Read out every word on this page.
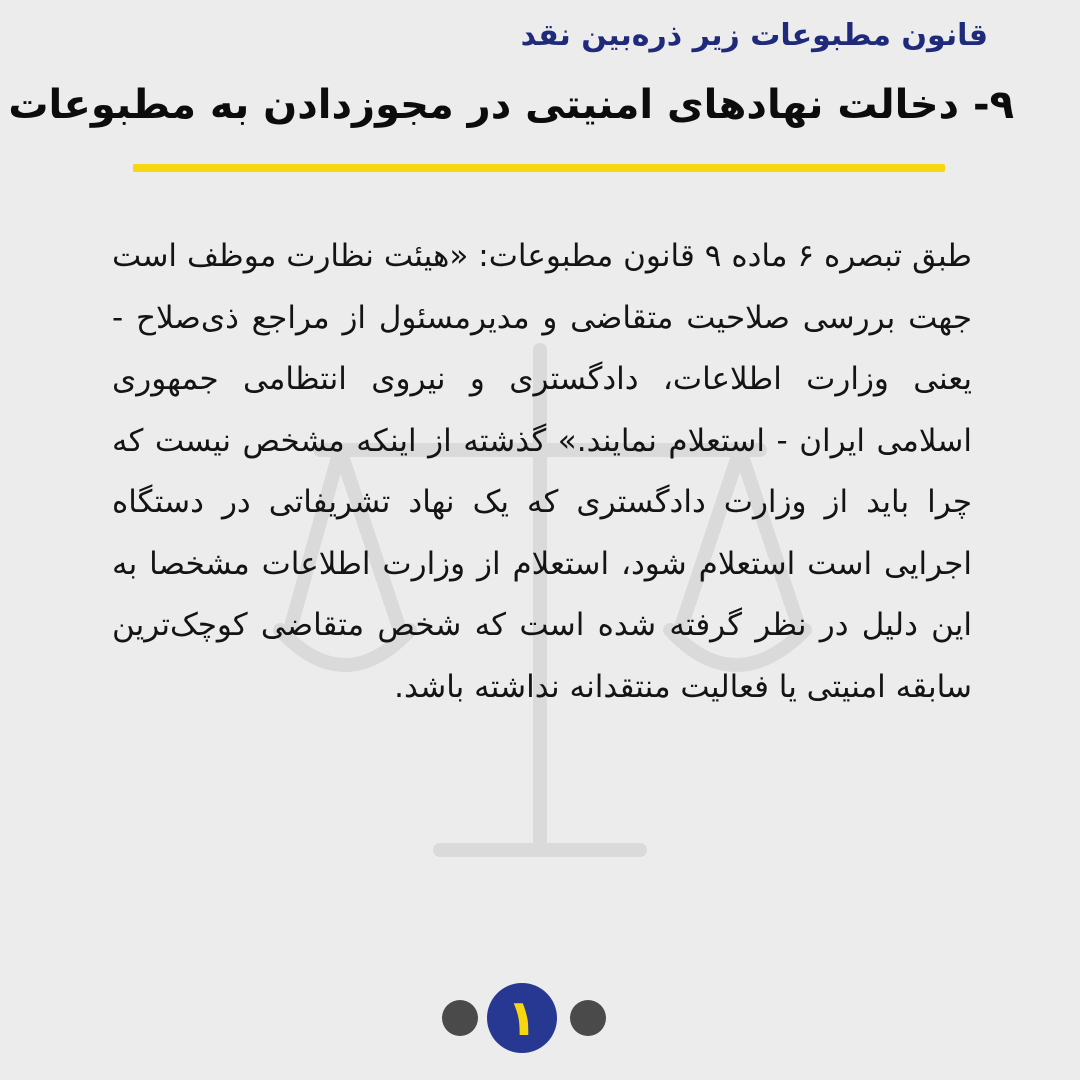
قانون مطبوعات زیر ذره‌بین نقد
۹- دخالت نهادهای امنیتی در مجوزدادن به مطبوعات

طبق تبصره ۶ ماده ۹ قانون مطبوعات: «هیئت نظارت موظف است جهت بررسی صلاحیت متقاضی و مدیرمسئول از مراجع ذی‌صلاح - یعنی وزارت اطلاعات، دادگستری و نیروی انتظامی جمهوری اسلامی ایران - استعلام نمایند.» گذشته از اینکه مشخص نیست که چرا باید از وزارت دادگستری که یک نهاد تشریفاتی در دستگاه اجرایی است استعلام شود، استعلام از وزارت اطلاعات مشخصا به این دلیل در نظر گرفته شده است که شخص متقاضی کوچک‌ترین سابقه امنیتی یا فعالیت منتقدانه نداشته باشد.

۱
